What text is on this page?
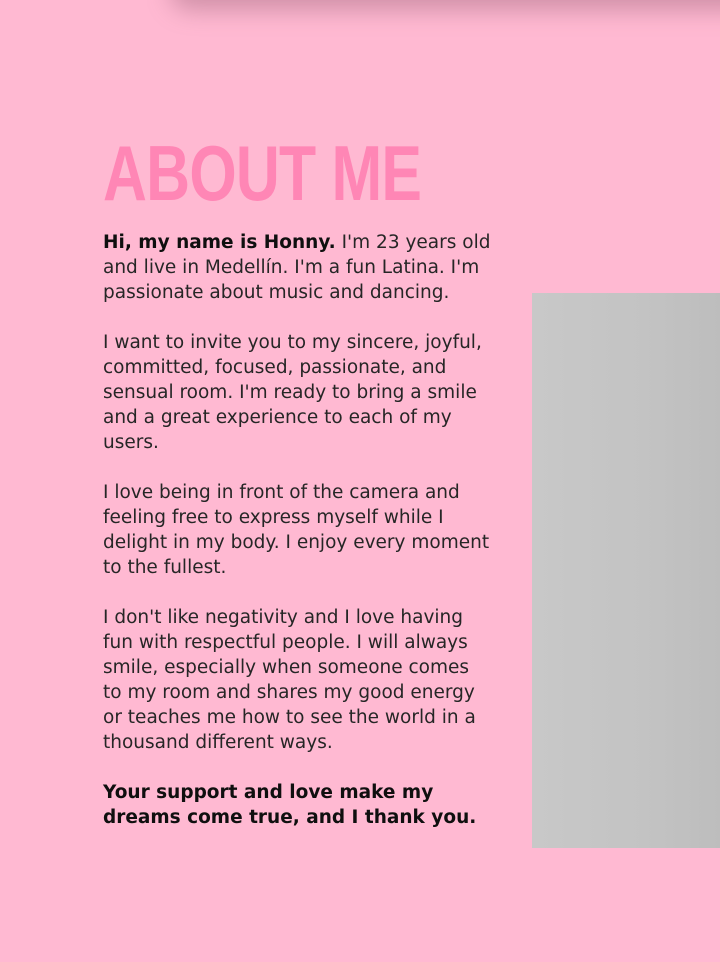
ABOUT ME

Hi, my name is Honny. I'm 23 years old and live in Medellín. I'm a fun Latina. I'm passionate about music and dancing.

I want to invite you to my sincere, joyful, committed, focused, passionate, and sensual room. I'm ready to bring a smile and a great experience to each of my users.

I love being in front of the camera and feeling free to express myself while I delight in my body. I enjoy every moment to the fullest.

I don't like negativity and I love having fun with respectful people. I will always smile, especially when someone comes to my room and shares my good energy or teaches me how to see the world in a thousand different ways.

Your support and love make my dreams come true, and I thank you.
